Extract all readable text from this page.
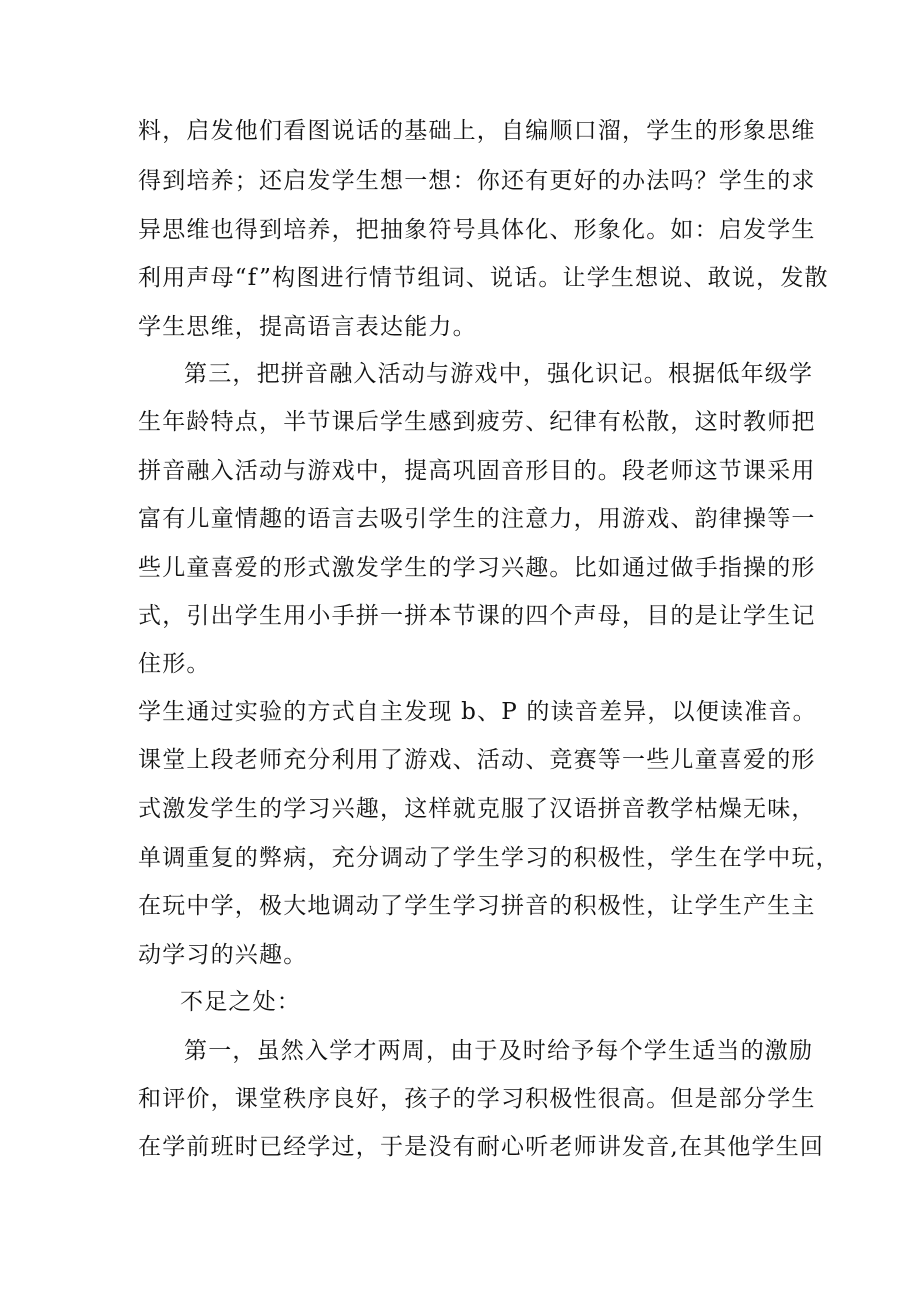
料，启发他们看图说话的基础上，自编顺口溜，学生的形象思维
得到培养；还启发学生想一想：你还有更好的办法吗？学生的求
异思维也得到培养，把抽象符号具体化、形象化。如：启发学生
利用声母“f”构图进行情节组词、说话。让学生想说、敢说，发散
学生思维，提高语言表达能力。
第三，把拼音融入活动与游戏中，强化识记。根据低年级学
生年龄特点，半节课后学生感到疲劳、纪律有松散，这时教师把
拼音融入活动与游戏中，提高巩固音形目的。段老师这节课采用
富有儿童情趣的语言去吸引学生的注意力，用游戏、韵律操等一
些儿童喜爱的形式激发学生的学习兴趣。比如通过做手指操的形
式，引出学生用小手拼一拼本节课的四个声母，目的是让学生记
住形。
学生通过实验的方式自主发现 b、P 的读音差异，以便读准音。
课堂上段老师充分利用了游戏、活动、竞赛等一些儿童喜爱的形
式激发学生的学习兴趣，这样就克服了汉语拼音教学枯燥无味，
单调重复的弊病，充分调动了学生学习的积极性，学生在学中玩，
在玩中学，极大地调动了学生学习拼音的积极性，让学生产生主
动学习的兴趣。
不足之处：
第一，虽然入学才两周，由于及时给予每个学生适当的激励
和评价，课堂秩序良好，孩子的学习积极性很高。但是部分学生
在学前班时已经学过，于是没有耐心听老师讲发音,在其他学生回
